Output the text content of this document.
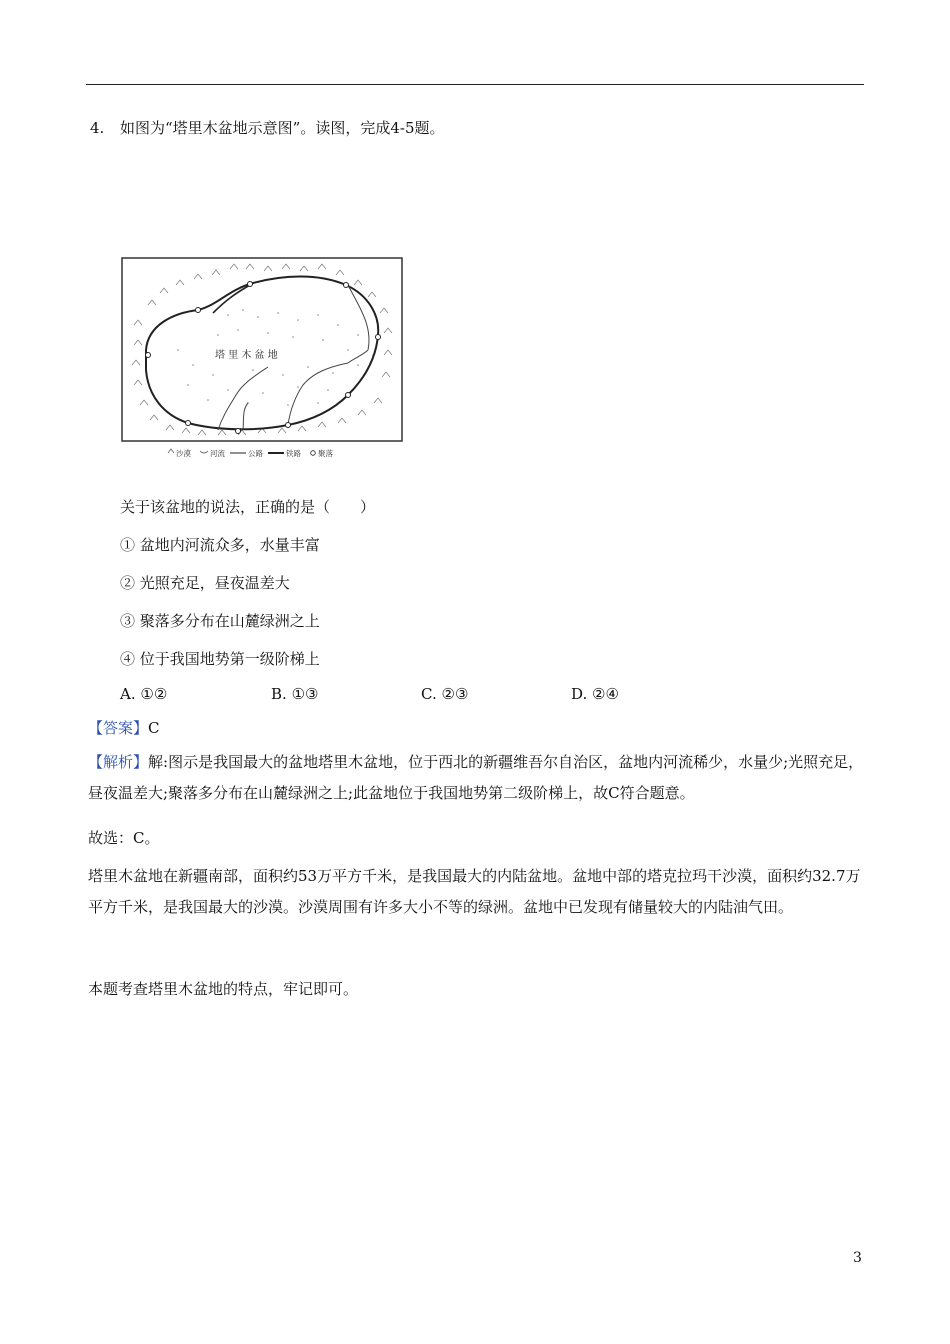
4. 如图为“塔里木盆地示意图”。读图，完成4-5题。
塔 里 木 盆 地
沙漠	河流	公路	铁路 聚落
关于该盆地的说法，正确的是（　　）
① 盆地内河流众多，水量丰富
② 光照充足，昼夜温差大
③ 聚落多分布在山麓绿洲之上
④ 位于我国地势第一级阶梯上
A. ①②	B. ①③	C. ②③	D. ②④
【答案】C
【解析】解:图示是我国最大的盆地塔里木盆地，位于西北的新疆维吾尔自治区，盆地内河流稀少，水量少;光照充足，昼夜温差大;聚落多分布在山麓绿洲之上;此盆地位于我国地势第二级阶梯上，故C符合题意。
故选：C。
塔里木盆地在新疆南部，面积约53万平方千米，是我国最大的内陆盆地。盆地中部的塔克拉玛干沙漠，面积约32.7万平方千米，是我国最大的沙漠。沙漠周围有许多大小不等的绿洲。盆地中已发现有储量较大的内陆油气田。
本题考查塔里木盆地的特点，牢记即可。
3
